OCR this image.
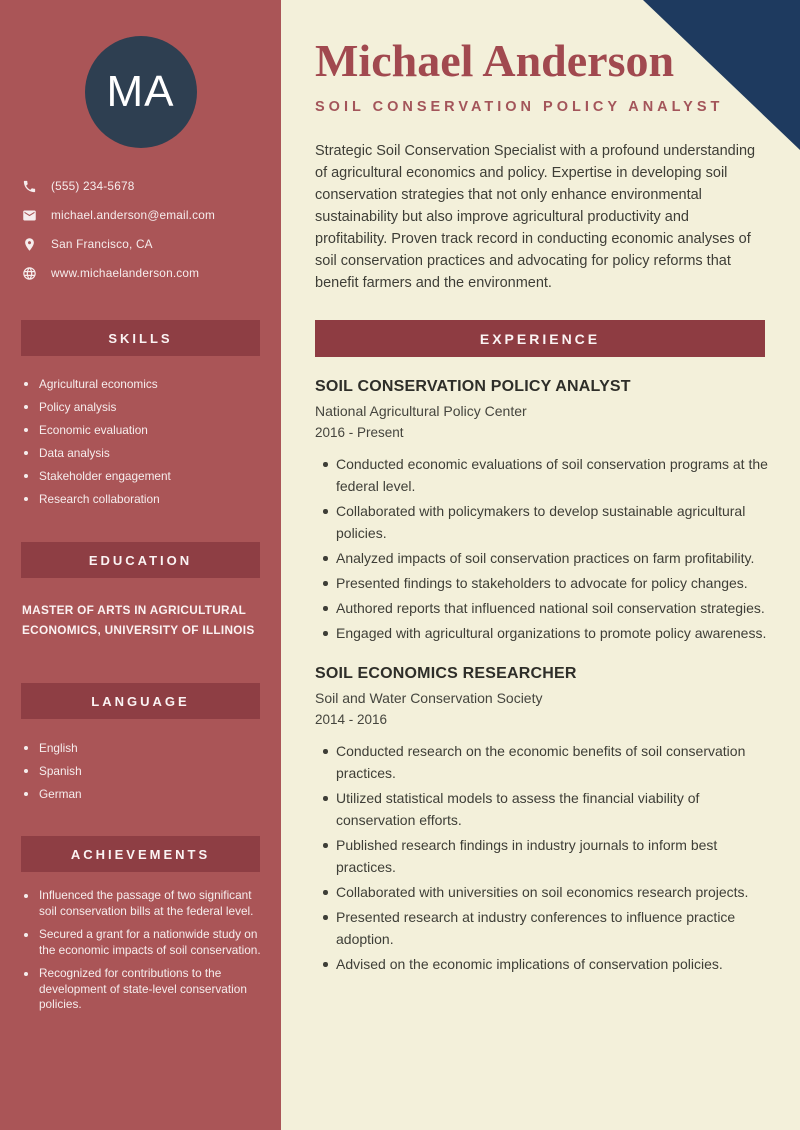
MA
(555) 234-5678
michael.anderson@email.com
San Francisco, CA
www.michaelanderson.com
SKILLS
Agricultural economics
Policy analysis
Economic evaluation
Data analysis
Stakeholder engagement
Research collaboration
EDUCATION

MASTER OF ARTS IN AGRICULTURAL ECONOMICS, UNIVERSITY OF ILLINOIS

LANGUAGE
English
Spanish
German
ACHIEVEMENTS
Influenced the passage of two significant soil conservation bills at the federal level.
Secured a grant for a nationwide study on the economic impacts of soil conservation.
Recognized for contributions to the development of state-level conservation policies.
Michael Anderson
SOIL CONSERVATION POLICY ANALYST

Strategic Soil Conservation Specialist with a profound understanding of agricultural economics and policy. Expertise in developing soil conservation strategies that not only enhance environmental sustainability but also improve agricultural productivity and profitability. Proven track record in conducting economic analyses of soil conservation practices and advocating for policy reforms that benefit farmers and the environment.

EXPERIENCE
SOIL CONSERVATION POLICY ANALYST

National Agricultural Policy Center

2016 - Present

Conducted economic evaluations of soil conservation programs at the federal level.
Collaborated with policymakers to develop sustainable agricultural policies.
Analyzed impacts of soil conservation practices on farm profitability.
Presented findings to stakeholders to advocate for policy changes.
Authored reports that influenced national soil conservation strategies.
Engaged with agricultural organizations to promote policy awareness.
SOIL ECONOMICS RESEARCHER

Soil and Water Conservation Society

2014 - 2016

Conducted research on the economic benefits of soil conservation practices.
Utilized statistical models to assess the financial viability of conservation efforts.
Published research findings in industry journals to inform best practices.
Collaborated with universities on soil economics research projects.
Presented research at industry conferences to influence practice adoption.
Advised on the economic implications of conservation policies.
